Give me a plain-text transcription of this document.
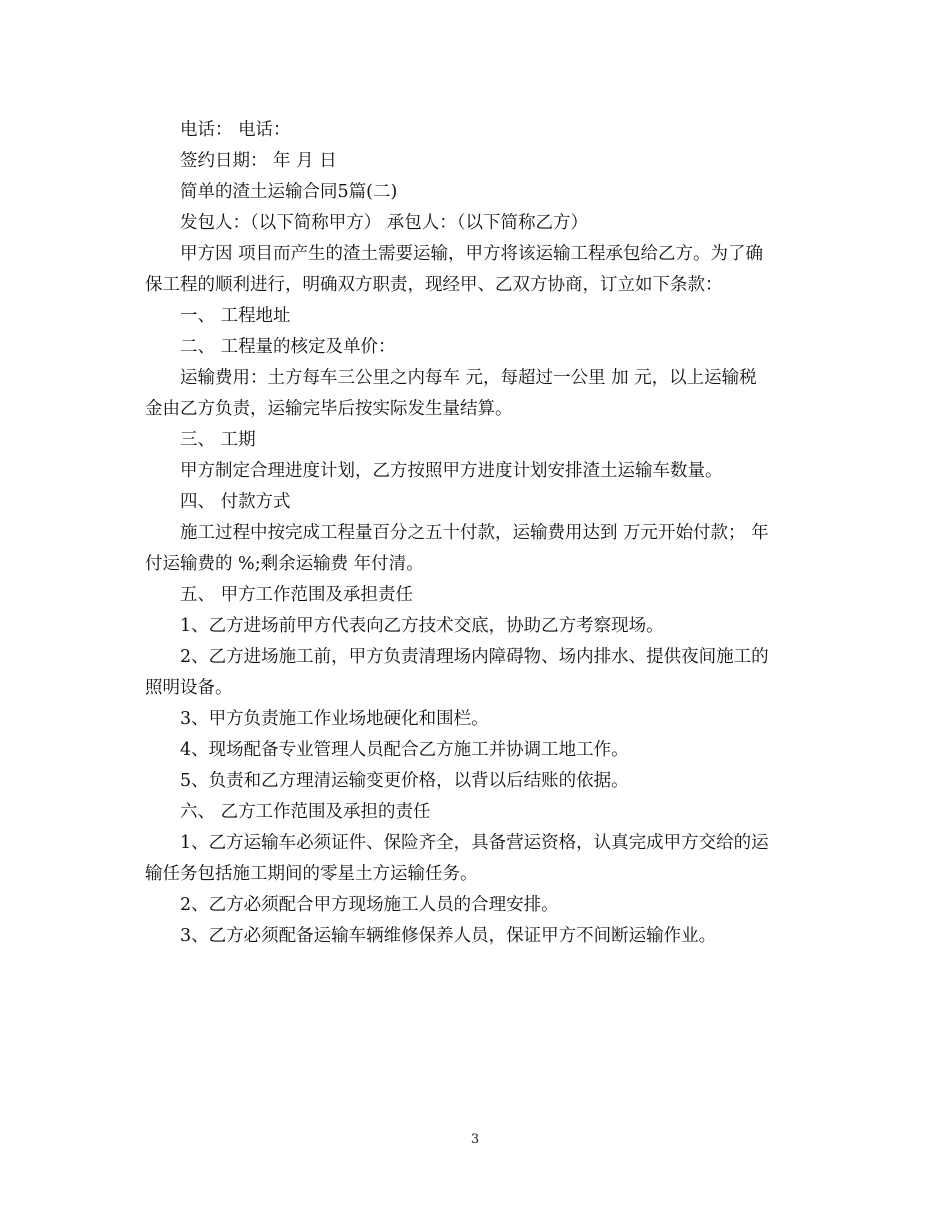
电话： 电话：
签约日期： 年 月 日
简单的渣土运输合同5篇(二)
发包人：（以下简称甲方） 承包人：（以下简称乙方）
甲方因 项目而产生的渣土需要运输，甲方将该运输工程承包给乙方。为了确
保工程的顺利进行，明确双方职责，现经甲、乙双方协商，订立如下条款：
一、 工程地址
二、 工程量的核定及单价：
运输费用：土方每车三公里之内每车 元，每超过一公里 加 元，以上运输税
金由乙方负责，运输完毕后按实际发生量结算。
三、 工期
甲方制定合理进度计划，乙方按照甲方进度计划安排渣土运输车数量。
四、 付款方式
施工过程中按完成工程量百分之五十付款，运输费用达到 万元开始付款； 年
付运输费的 %;剩余运输费 年付清。
五、 甲方工作范围及承担责任
1、乙方进场前甲方代表向乙方技术交底，协助乙方考察现场。
2、乙方进场施工前，甲方负责清理场内障碍物、场内排水、提供夜间施工的
照明设备。
3、甲方负责施工作业场地硬化和围栏。
4、现场配备专业管理人员配合乙方施工并协调工地工作。
5、负责和乙方理清运输变更价格，以背以后结账的依据。
六、 乙方工作范围及承担的责任
1、乙方运输车必须证件、保险齐全，具备营运资格，认真完成甲方交给的运
输任务包括施工期间的零星土方运输任务。
2、乙方必须配合甲方现场施工人员的合理安排。
3、乙方必须配备运输车辆维修保养人员，保证甲方不间断运输作业。
3
